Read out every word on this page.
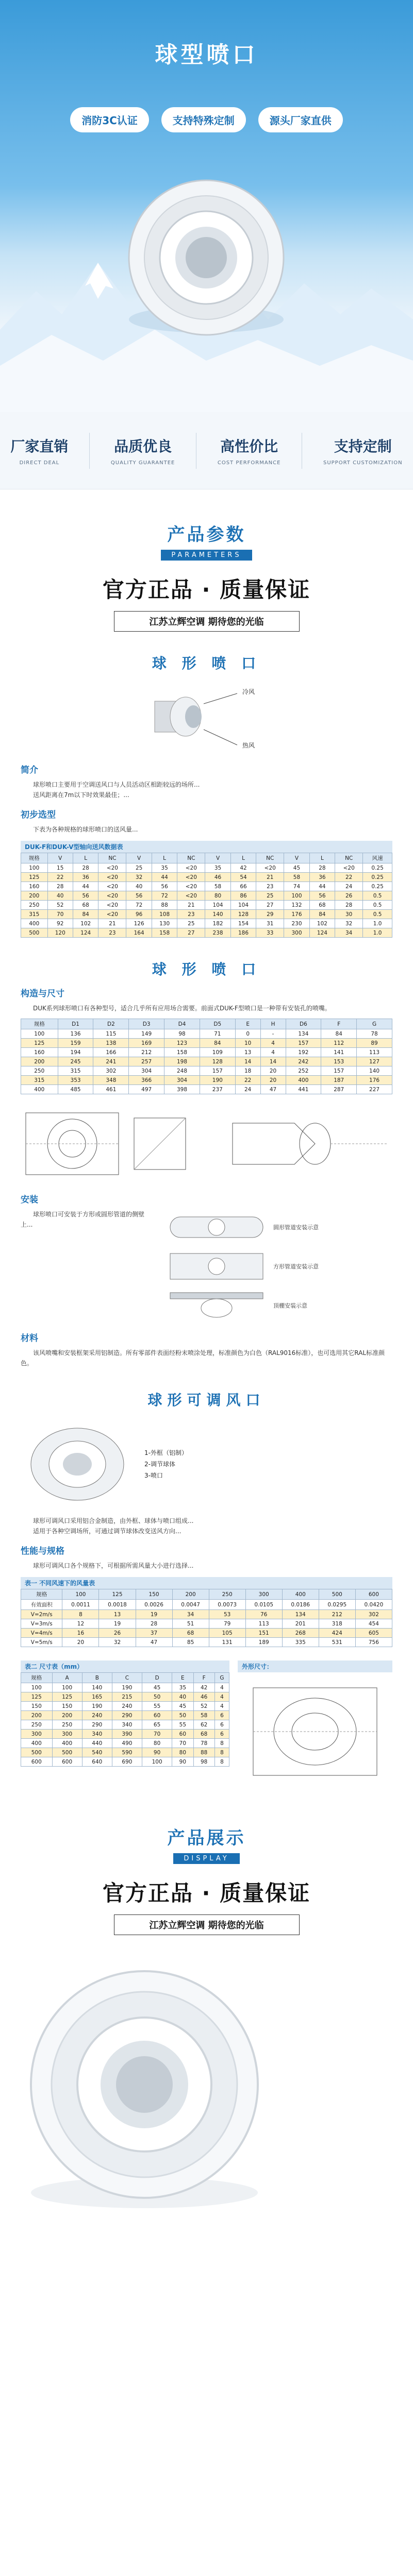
球型喷口
消防3C认证	支持特殊定制	源头厂家直供
厂家直销
DIRECT DEAL
品质优良
QUALITY GUARANTEE
高性价比
COST PERFORMANCE
支持定制
SUPPORT CUSTOMIZATION
产品参数
PARAMETERS
官方正品 · 质量保证
江苏立辉空调 期待您的光临
球 形 喷 口
冷风
热风
简介

球形喷口主要用于空调送风口与人员活动区相距较远的场所...

送风距离在7m以下时效果最佳；...

初步选型

下表为各种规格的球形喷口的送风量...

DUK-F和DUK-V型轴向送风数据表
规格	V	L	NC	V	L	NC	V	L	NC	V	L	NC	风速
100	15	28	<20	25	35	<20	35	42	<20	45	28	<20	0.25
125	22	36	<20	32	44	<20	46	54	21	58	36	22	0.25
160	28	44	<20	40	56	<20	58	66	23	74	44	24	0.25
200	40	56	<20	56	72	<20	80	86	25	100	56	26	0.5
250	52	68	<20	72	88	21	104	104	27	132	68	28	0.5
315	70	84	<20	96	108	23	140	128	29	176	84	30	0.5
400	92	102	21	126	130	25	182	154	31	230	102	32	1.0
500	120	124	23	164	158	27	238	186	33	300	124	34	1.0
球 形 喷 口
构造与尺寸

DUK系列球形喷口有各种型号，适合几乎所有应用场合需要。前面式DUK-F型喷口是一种带有安装孔的喷嘴。

规格	D1	D2	D3	D4	D5	E	H	D6	F	G
100	136	115	149	98	71	0	-	134	84	78
125	159	138	169	123	84	10	4	157	112	89
160	194	166	212	158	109	13	4	192	141	113
200	245	241	257	198	128	14	14	242	153	127
250	315	302	304	248	157	18	20	252	157	140
315	353	348	366	304	190	22	20	400	187	176
400	485	461	497	398	237	24	47	441	287	227
安装

球形喷口可安装于方形或圆形管道的侧壁上...	圆形管道安装示意
方形管道安装示意
顶棚安装示意
材料

该风喷嘴和安装框架采用铝制造。所有零部件表面经粉末喷涂处理，标准颜色为白色（RAL9016标准），也可选用其它RAL标准颜色。

球形可调风口
1-外框（铝制）
2-调节球体
3-喷口

球形可调风口采用铝合金制造，由外框、球体与喷口组成...

适用于各种空调场所，可通过调节球体改变送风方向...

性能与规格

球形可调风口各个规格下，可根据所需风量大小进行选择...

表一 不同风速下的风量表
规格	100	125	150	200	250	300	400	500	600
有效面积	0.0011	0.0018	0.0026	0.0047	0.0073	0.0105	0.0186	0.0295	0.0420
V=2m/s	8	13	19	34	53	76	134	212	302
V=3m/s	12	19	28	51	79	113	201	318	454
V=4m/s	16	26	37	68	105	151	268	424	605
V=5m/s	20	32	47	85	131	189	335	531	756
表二 尺寸表（mm）
规格	A	B	C	D	E	F	G
100	100	140	190	45	35	42	4
125	125	165	215	50	40	46	4
150	150	190	240	55	45	52	4
200	200	240	290	60	50	58	6
250	250	290	340	65	55	62	6
300	300	340	390	70	60	68	6
400	400	440	490	80	70	78	8
500	500	540	590	90	80	88	8
600	600	640	690	100	90	98	8
外形尺寸：
产品展示
DISPLAY
官方正品 · 质量保证
江苏立辉空调 期待您的光临
